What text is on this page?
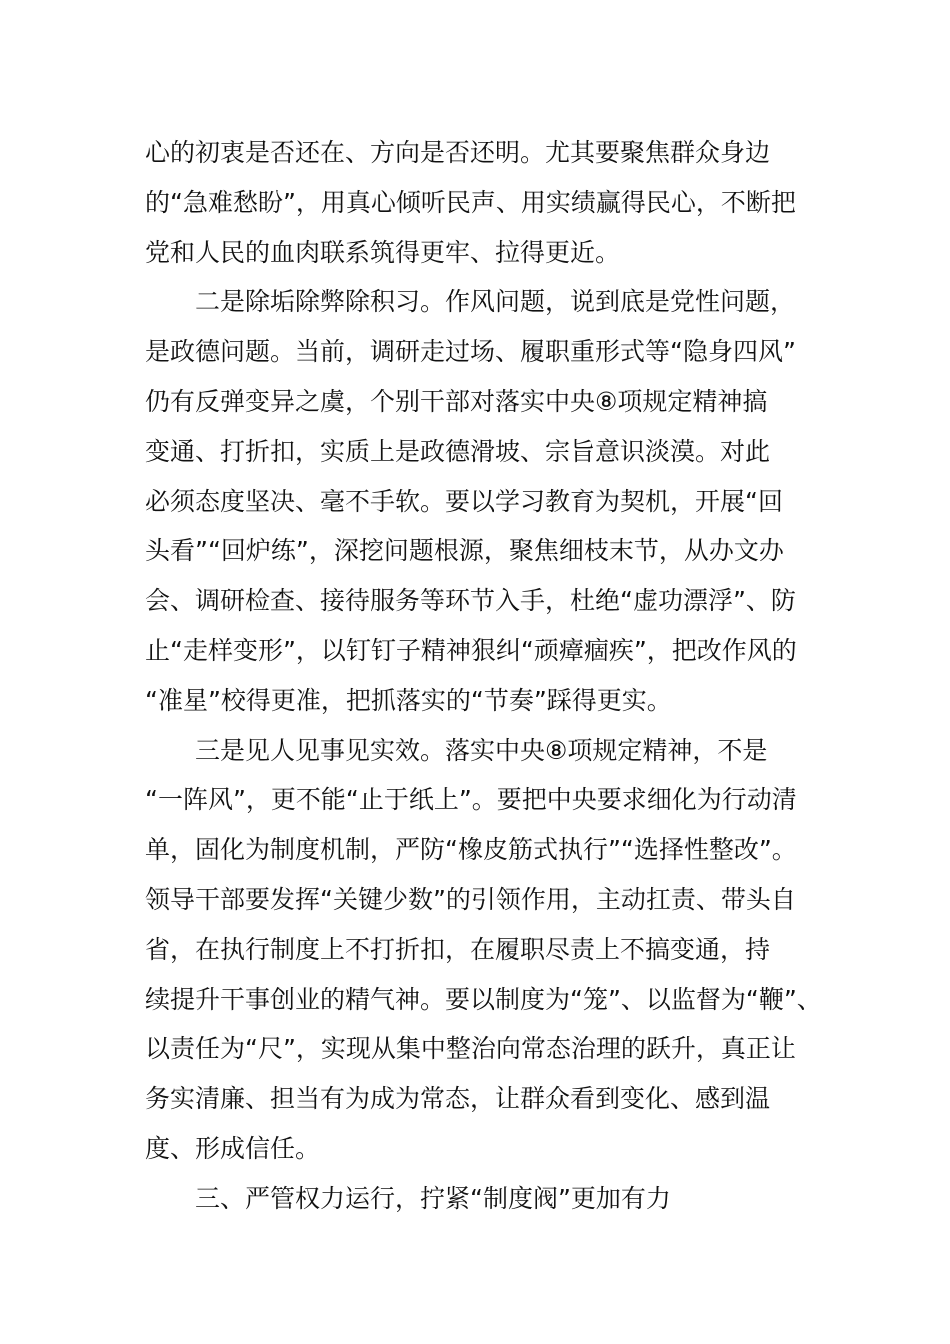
心的初衷是否还在、方向是否还明。尤其要聚焦群众身边
的“急难愁盼”，用真心倾听民声、用实绩赢得民心，不断把
党和人民的血肉联系筑得更牢、拉得更近。
二是除垢除弊除积习。作风问题，说到底是党性问题，
是政德问题。当前，调研走过场、履职重形式等“隐身四风”
仍有反弹变异之虞，个别干部对落实中央⑧项规定精神搞
变通、打折扣，实质上是政德滑坡、宗旨意识淡漠。对此
必须态度坚决、毫不手软。要以学习教育为契机，开展“回
头看”“回炉练”，深挖问题根源，聚焦细枝末节，从办文办
会、调研检查、接待服务等环节入手，杜绝“虚功漂浮”、防
止“走样变形”，以钉钉子精神狠纠“顽瘴痼疾”，把改作风的
“准星”校得更准，把抓落实的“节奏”踩得更实。
三是见人见事见实效。落实中央⑧项规定精神，不是
“一阵风”，更不能“止于纸上”。要把中央要求细化为行动清
单，固化为制度机制，严防“橡皮筋式执行”“选择性整改”。
领导干部要发挥“关键少数”的引领作用，主动扛责、带头自
省，在执行制度上不打折扣，在履职尽责上不搞变通，持
续提升干事创业的精气神。要以制度为“笼”、以监督为“鞭”、
以责任为“尺”，实现从集中整治向常态治理的跃升，真正让
务实清廉、担当有为成为常态，让群众看到变化、感到温
度、形成信任。
三、严管权力运行，拧紧“制度阀”更加有力
